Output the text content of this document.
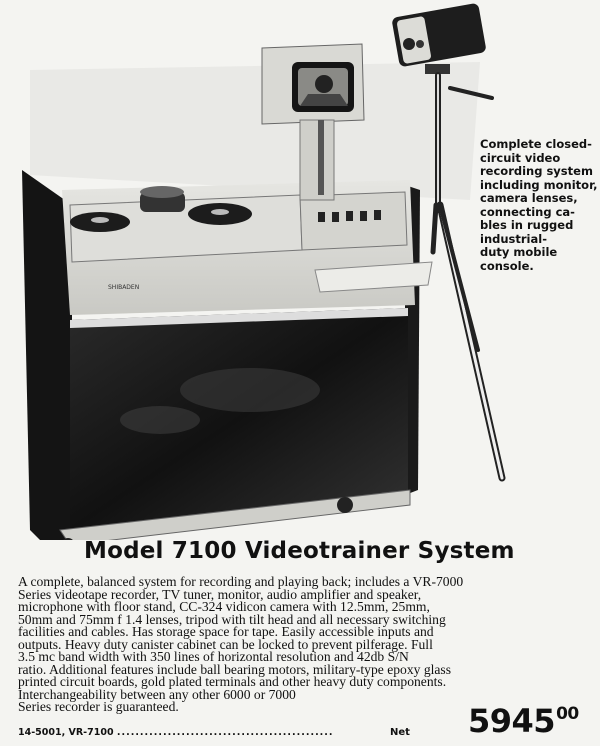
SHIBADEN
Complete closed-
circuit video
recording system
including monitor,
camera lenses,
connecting ca-
bles in rugged
industrial-
duty mobile
console.
Model 7100 Videotrainer System
A complete, balanced system for recording and playing back; includes a VR-7000
Series videotape recorder, TV tuner, monitor, audio amplifier and speaker,
microphone with floor stand, CC-324 vidicon camera with 12.5mm, 25mm,
50mm and 75mm f 1.4 lenses, tripod with tilt head and all necessary switching
facilities and cables. Has storage space for tape. Easily accessible inputs and
outputs. Heavy duty canister cabinet can be locked to prevent pilferage. Full
3.5 mc band width with 350 lines of horizontal resolution and 42db S/N
ratio. Additional features include ball bearing motors, military-type epoxy glass
printed circuit boards, gold plated terminals and other heavy duty components.
Interchangeability between any other 6000 or 7000
Series recorder is guaranteed.
14-5001, VR-7100 ...............................................	Net 5945$^{00}$
